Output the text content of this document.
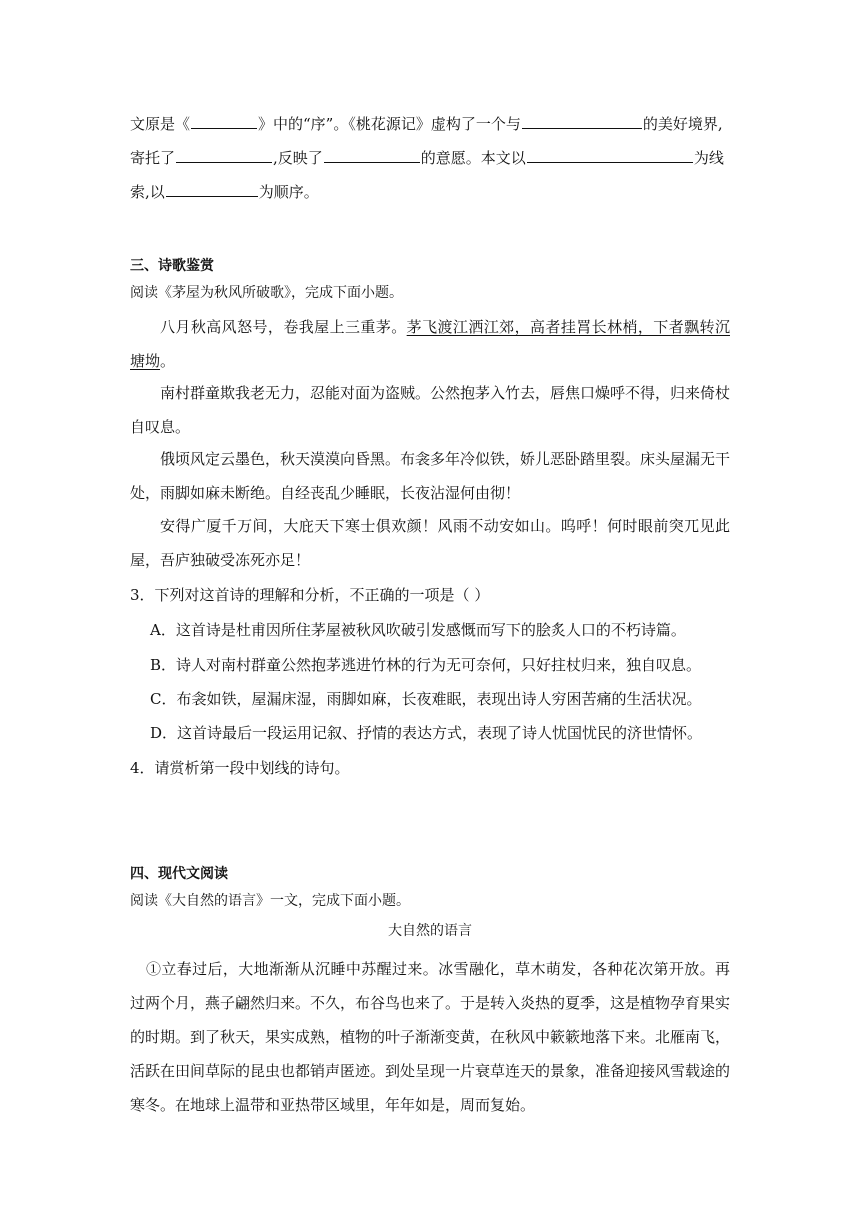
文原是《	》中的“序”。《桃花源记》虚构了一个与	的美好境界,
寄托了	,反映了	的意愿。本文以	为线
索,以	为顺序。
三、诗歌鉴赏
阅读《茅屋为秋风所破歌》，完成下面小题。
八月秋高风怒号，卷我屋上三重茅。茅飞渡江洒江郊，高者挂罥长林梢，下者飘转沉塘坳。
南村群童欺我老无力，忍能对面为盗贼。公然抱茅入竹去，唇焦口燥呼不得，归来倚杖自叹息。
俄顷风定云墨色，秋天漠漠向昏黑。布衾多年冷似铁，娇儿恶卧踏里裂。床头屋漏无干处，雨脚如麻未断绝。自经丧乱少睡眠，长夜沾湿何由彻！
安得广厦千万间，大庇天下寒士俱欢颜！风雨不动安如山。呜呼！何时眼前突兀见此屋，吾庐独破受冻死亦足！
3．下列对这首诗的理解和分析，不正确的一项是（ ）
A．这首诗是杜甫因所住茅屋被秋风吹破引发感慨而写下的脍炙人口的不朽诗篇。
B．诗人对南村群童公然抱茅逃进竹林的行为无可奈何，只好拄杖归来，独自叹息。
C．布衾如铁，屋漏床湿，雨脚如麻，长夜难眠，表现出诗人穷困苦痛的生活状况。
D．这首诗最后一段运用记叙、抒情的表达方式，表现了诗人忧国忧民的济世情怀。
4．请赏析第一段中划线的诗句。
四、现代文阅读
阅读《大自然的语言》一文，完成下面小题。
大自然的语言
①立春过后，大地渐渐从沉睡中苏醒过来。冰雪融化，草木萌发，各种花次第开放。再过两个月，燕子翩然归来。不久，布谷鸟也来了。于是转入炎热的夏季，这是植物孕育果实的时期。到了秋天，果实成熟，植物的叶子渐渐变黄，在秋风中簌簌地落下来。北雁南飞，活跃在田间草际的昆虫也都销声匿迹。到处呈现一片衰草连天的景象，准备迎接风雪载途的寒冬。在地球上温带和亚热带区域里，年年如是，周而复始。
